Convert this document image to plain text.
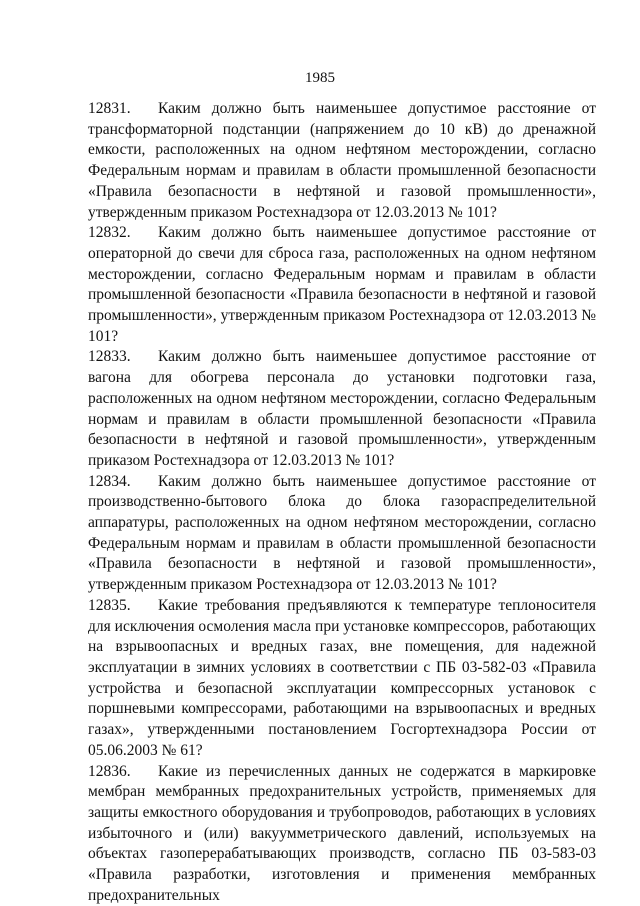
1985

12831. Каким должно быть наименьшее допустимое расстояние от трансформаторной подстанции (напряжением до 10 кВ) до дренажной емкости, расположенных на одном нефтяном месторождении, согласно Федеральным нормам и правилам в области промышленной безопасности «Правила безопасности в нефтяной и газовой промышленности», утвержденным приказом Ростехнадзора от 12.03.2013 № 101?

12832. Каким должно быть наименьшее допустимое расстояние от операторной до свечи для сброса газа, расположенных на одном нефтяном месторождении, согласно Федеральным нормам и правилам в области промышленной безопасности «Правила безопасности в нефтяной и газовой промышленности», утвержденным приказом Ростехнадзора от 12.03.2013 № 101?

12833. Каким должно быть наименьшее допустимое расстояние от вагона для обогрева персонала до установки подготовки газа, расположенных на одном нефтяном месторождении, согласно Федеральным нормам и правилам в области промышленной безопасности «Правила безопасности в нефтяной и газовой промышленности», утвержденным приказом Ростехнадзора от 12.03.2013 № 101?

12834. Каким должно быть наименьшее допустимое расстояние от производственно-бытового блока до блока газораспределительной аппаратуры, расположенных на одном нефтяном месторождении, согласно Федеральным нормам и правилам в области промышленной безопасности «Правила безопасности в нефтяной и газовой промышленности», утвержденным приказом Ростехнадзора от 12.03.2013 № 101?

12835. Какие требования предъявляются к температуре теплоносителя для исключения осмоления масла при установке компрессоров, работающих на взрывоопасных и вредных газах, вне помещения, для надежной эксплуатации в зимних условиях в соответствии с ПБ 03-582-03 «Правила устройства и безопасной эксплуатации компрессорных установок с поршневыми компрессорами, работающими на взрывоопасных и вредных газах», утвержденными постановлением Госгортехнадзора России от 05.06.2003 № 61?

12836. Какие из перечисленных данных не содержатся в маркировке мембран мембранных предохранительных устройств, применяемых для защиты емкостного оборудования и трубопроводов, работающих в условиях избыточного и (или) вакуумметрического давлений, используемых на объектах газоперерабатывающих производств, согласно ПБ 03-583-03 «Правила разработки, изготовления и применения мембранных предохранительных
